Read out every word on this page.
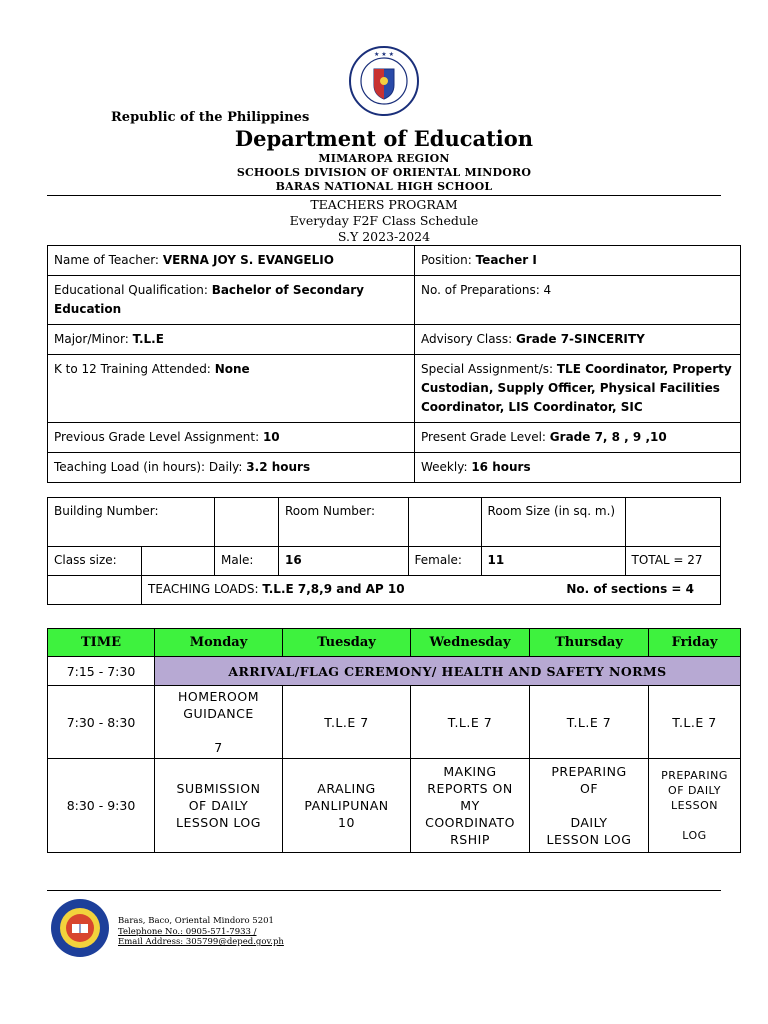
★ ★ ★
Republic of the Philippines
Department of Education
MIMAROPA REGION
SCHOOLS DIVISION OF ORIENTAL MINDORO
BARAS NATIONAL HIGH SCHOOL
TEACHERS PROGRAM
Everyday F2F Class Schedule
S.Y 2023-2024
Name of Teacher: VERNA JOY S. EVANGELIO	Position: Teacher I
Educational Qualification: Bachelor of Secondary Education	No. of Preparations: 4
Major/Minor: T.L.E	Advisory Class: Grade 7-SINCERITY
K to 12 Training Attended: None	Special Assignment/s: TLE Coordinator, Property Custodian, Supply Officer, Physical Facilities Coordinator, LIS Coordinator, SIC
Previous Grade Level Assignment: 10	Present Grade Level: Grade 7, 8 , 9 ,10
Teaching Load (in hours): Daily: 3.2 hours	Weekly: 16 hours
Building Number:			Room Number:		Room Size (in sq. m.)	
Class size:		Male:	16	Female:	11	TOTAL = 27

	TEACHING LOADS: T.L.E 7,8,9 and AP 10 No. of sections = 4					
TIME	Monday	Tuesday	Wednesday	Thursday	Friday
7:15 - 7:30	ARRIVAL/FLAG CEREMONY/ HEALTH AND SAFETY NORMS				
7:30 - 8:30	HOMEROOM
GUIDANCE

7	T.L.E 7	T.L.E 7	T.L.E 7	T.L.E 7
8:30 - 9:30	SUBMISSION
OF DAILY
LESSON LOG	ARALING
PANLIPUNAN
10	MAKING
REPORTS ON
MY
COORDINATO
RSHIP	PREPARING
OF

DAILY
LESSON LOG	PREPARING
OF DAILY
LESSON

LOG
Baras, Baco, Oriental Mindoro 5201
Telephone No.: 0905-571-7933 /
Email Address: 305799@deped.gov.ph
